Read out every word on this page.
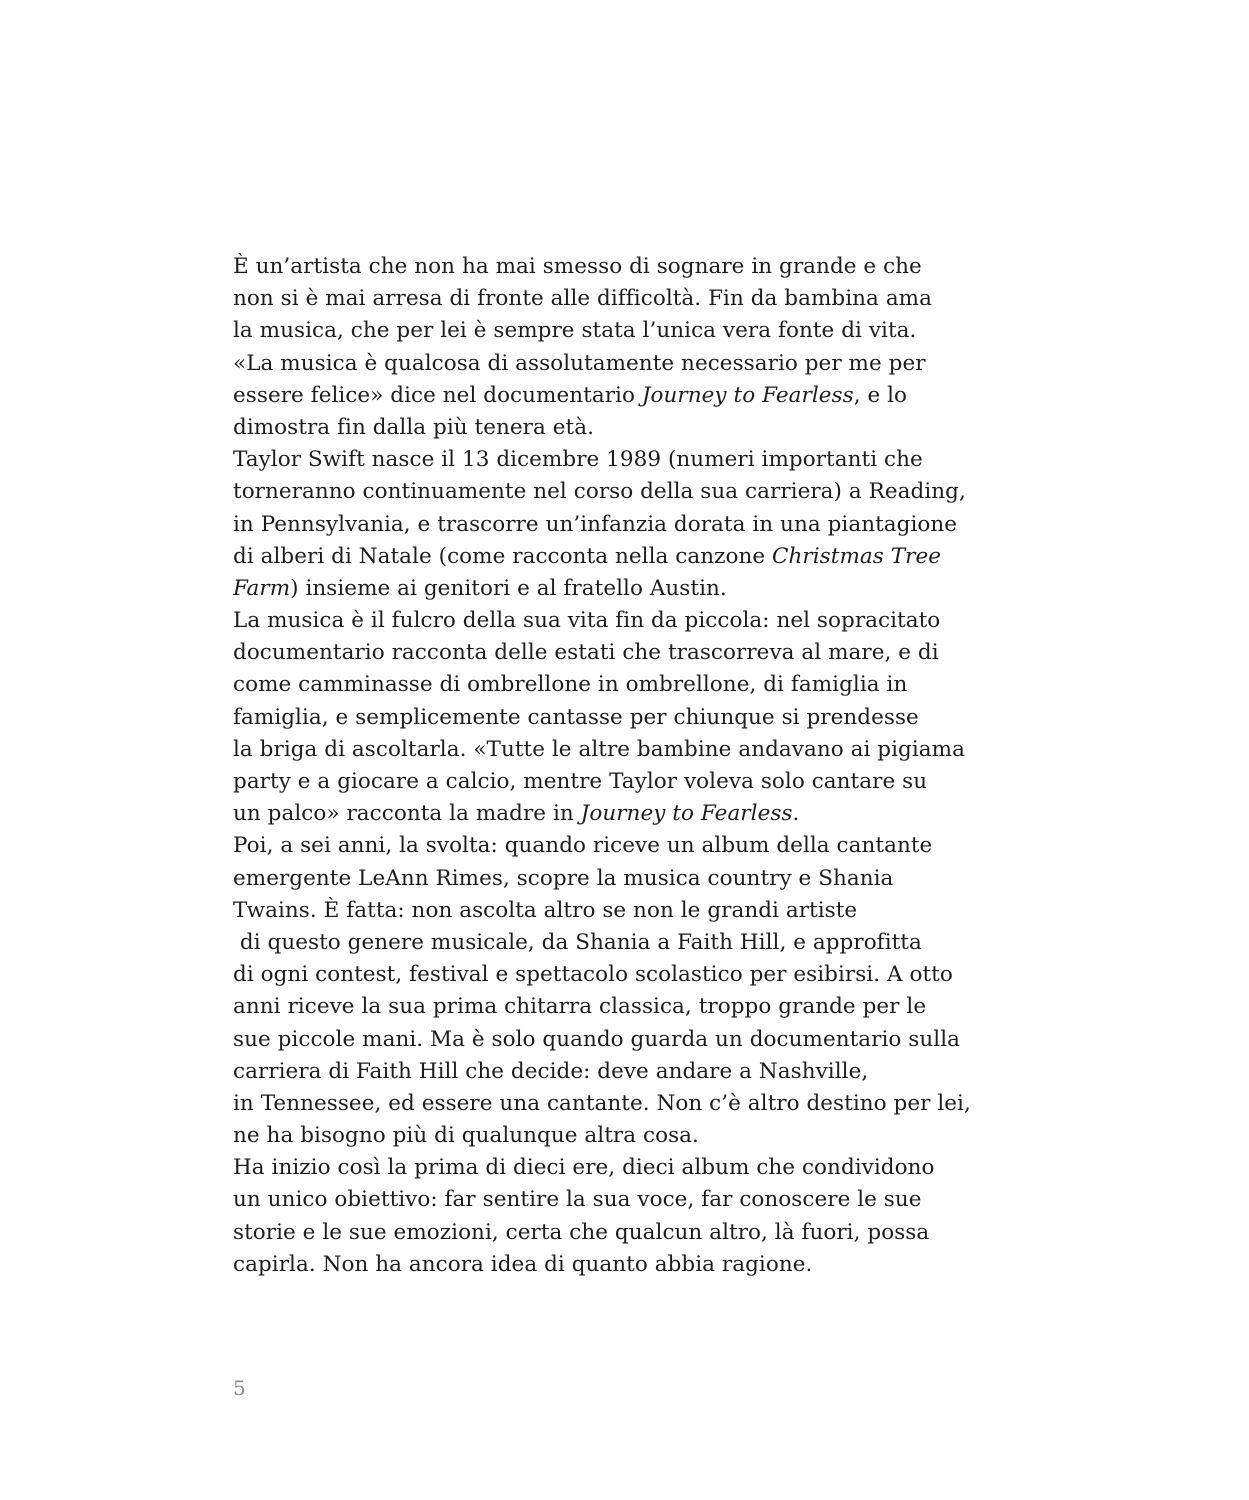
È un’artista che non ha mai smesso di sognare in grande e che
non si è mai arresa di fronte alle difficoltà. Fin da bambina ama
la musica, che per lei è sempre stata l’unica vera fonte di vita.
«La musica è qualcosa di assolutamente necessario per me per
essere felice» dice nel documentario Journey to Fearless, e lo
dimostra fin dalla più tenera età.
Taylor Swift nasce il 13 dicembre 1989 (numeri importanti che
torneranno continuamente nel corso della sua carriera) a Reading,
in Pennsylvania, e trascorre un’infanzia dorata in una piantagione
di alberi di Natale (come racconta nella canzone Christmas Tree
Farm) insieme ai genitori e al fratello Austin.
La musica è il fulcro della sua vita fin da piccola: nel sopracitato
documentario racconta delle estati che trascorreva al mare, e di
come camminasse di ombrellone in ombrellone, di famiglia in
famiglia, e semplicemente cantasse per chiunque si prendesse
la briga di ascoltarla. «Tutte le altre bambine andavano ai pigiama
party e a giocare a calcio, mentre Taylor voleva solo cantare su
un palco» racconta la madre in Journey to Fearless.
Poi, a sei anni, la svolta: quando riceve un album della cantante
emergente LeAnn Rimes, scopre la musica country e Shania
Twains. È fatta: non ascolta altro se non le grandi artiste
di questo genere musicale, da Shania a Faith Hill, e approfitta
di ogni contest, festival e spettacolo scolastico per esibirsi. A otto
anni riceve la sua prima chitarra classica, troppo grande per le
sue piccole mani. Ma è solo quando guarda un documentario sulla
carriera di Faith Hill che decide: deve andare a Nashville,
in Tennessee, ed essere una cantante. Non c’è altro destino per lei,
ne ha bisogno più di qualunque altra cosa.
Ha inizio così la prima di dieci ere, dieci album che condividono
un unico obiettivo: far sentire la sua voce, far conoscere le sue
storie e le sue emozioni, certa che qualcun altro, là fuori, possa
capirla. Non ha ancora idea di quanto abbia ragione.
5
